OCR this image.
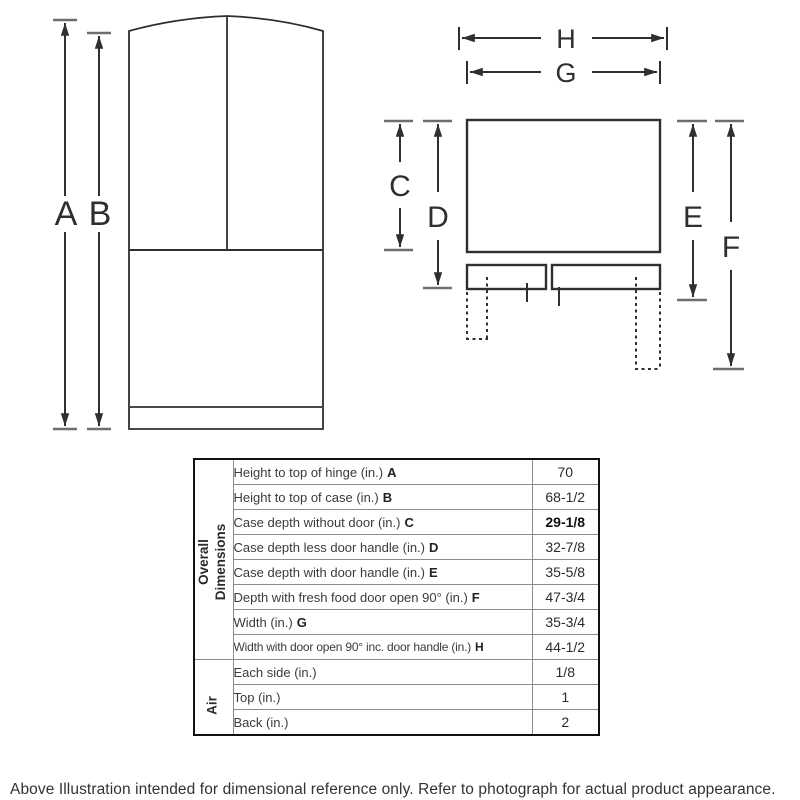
A B
H
G
C
D	E
F
	Height to top of hinge (in.) A	70
	Height to top of case (in.) B	68-1/2
	Case depth without door (in.) C	29-1/8
	Case depth less door handle (in.) D	32-7/8
	Case depth with door handle (in.) E	35-5/8
	Depth with fresh food door open 90° (in.) F	47-3/4
	Width (in.) G	35-3/4
	Width with door open 90° inc. door handle (in.) H	44-1/2
	Each side (in.)	1/8
	Top (in.)	1
	Back (in.)	2
Overall Dimensions
Air
Above Illustration intended for dimensional reference only. Refer to photograph for actual product appearance.
